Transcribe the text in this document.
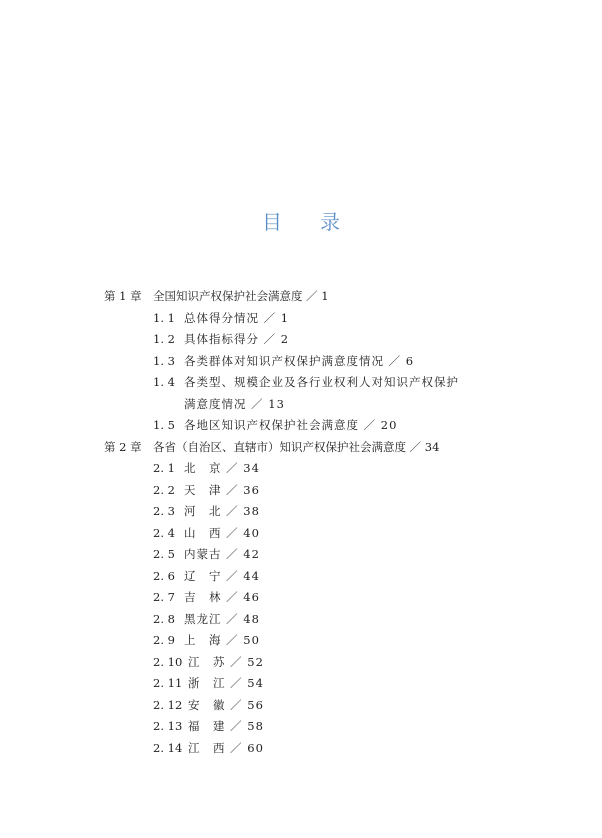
目 录
第 1 章 全国知识产权保护社会满意度 ／ 1
1. 1 总体得分情况 ／ 1
1. 2 具体指标得分 ／ 2
1. 3 各类群体对知识产权保护满意度情况 ／ 6
1. 4 各类型、规模企业及各行业权利人对知识产权保护
满意度情况 ／ 13
1. 5 各地区知识产权保护社会满意度 ／ 20
第 2 章 各省（自治区、直辖市）知识产权保护社会满意度 ／ 34
2. 1 北　京 ／ 34
2. 2 天　津 ／ 36
2. 3 河　北 ／ 38
2. 4 山　西 ／ 40
2. 5 内蒙古 ／ 42
2. 6 辽　宁 ／ 44
2. 7 吉　林 ／ 46
2. 8 黑龙江 ／ 48
2. 9 上　海 ／ 50
2. 10 江　苏 ／ 52
2. 11 浙　江 ／ 54
2. 12 安　徽 ／ 56
2. 13 福　建 ／ 58
2. 14 江　西 ／ 60
